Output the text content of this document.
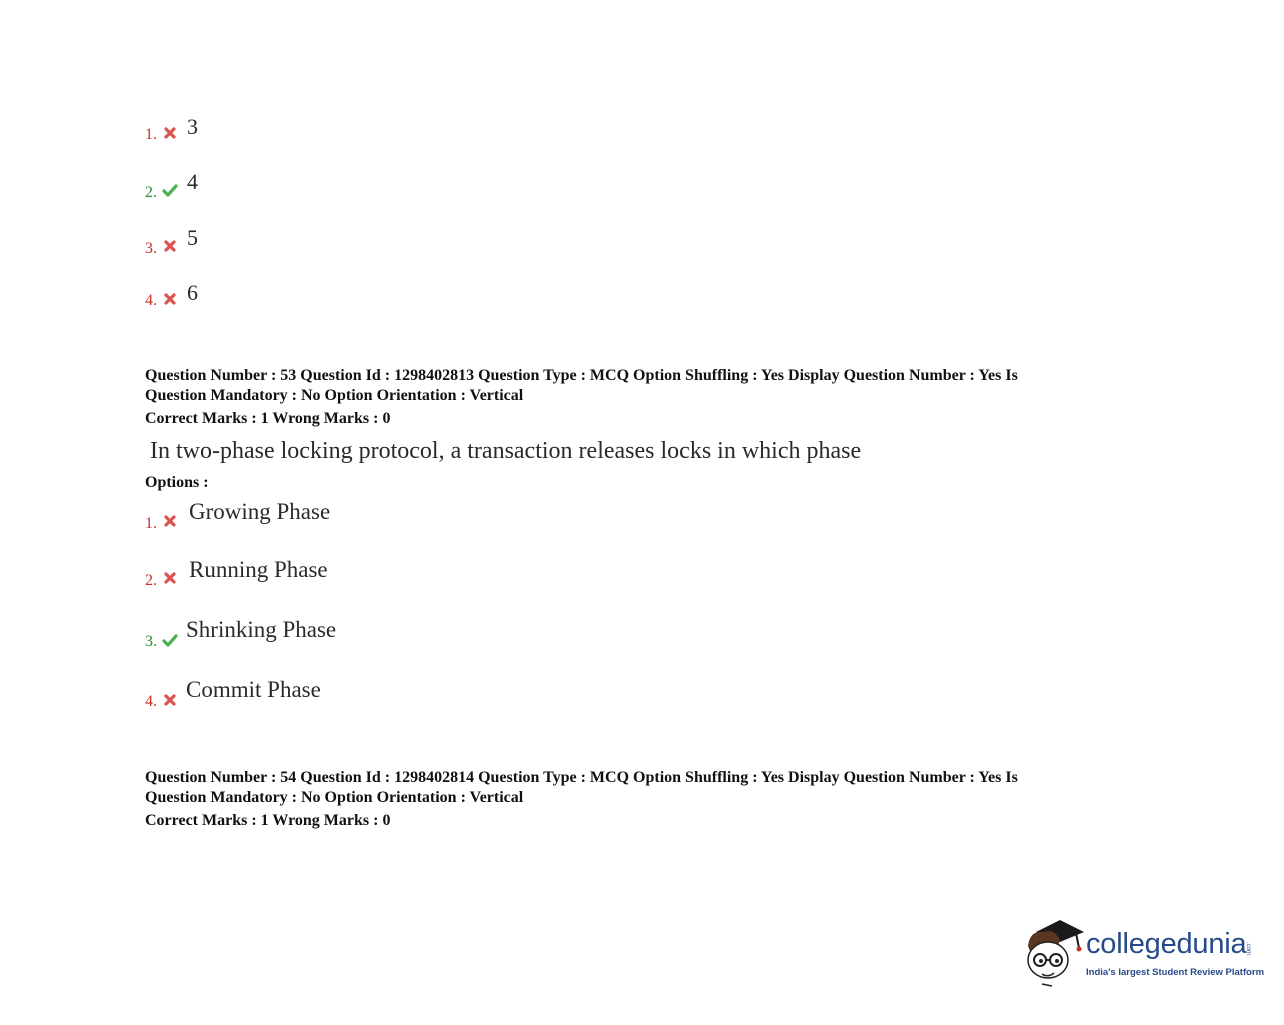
1. 3
2. 4
3. 5
4. 6
Question Number : 53 Question Id : 1298402813 Question Type : MCQ Option Shuffling : Yes Display Question Number : Yes Is
Question Mandatory : No Option Orientation : Vertical
Correct Marks : 1 Wrong Marks : 0
In two-phase locking protocol, a transaction releases locks in which phase
Options :
1. Growing Phase
2. Running Phase
3. Shrinking Phase
4. Commit Phase
Question Number : 54 Question Id : 1298402814 Question Type : MCQ Option Shuffling : Yes Display Question Number : Yes Is
Question Mandatory : No Option Orientation : Vertical
Correct Marks : 1 Wrong Marks : 0
collegedunia
.com
India's largest Student Review Platform
